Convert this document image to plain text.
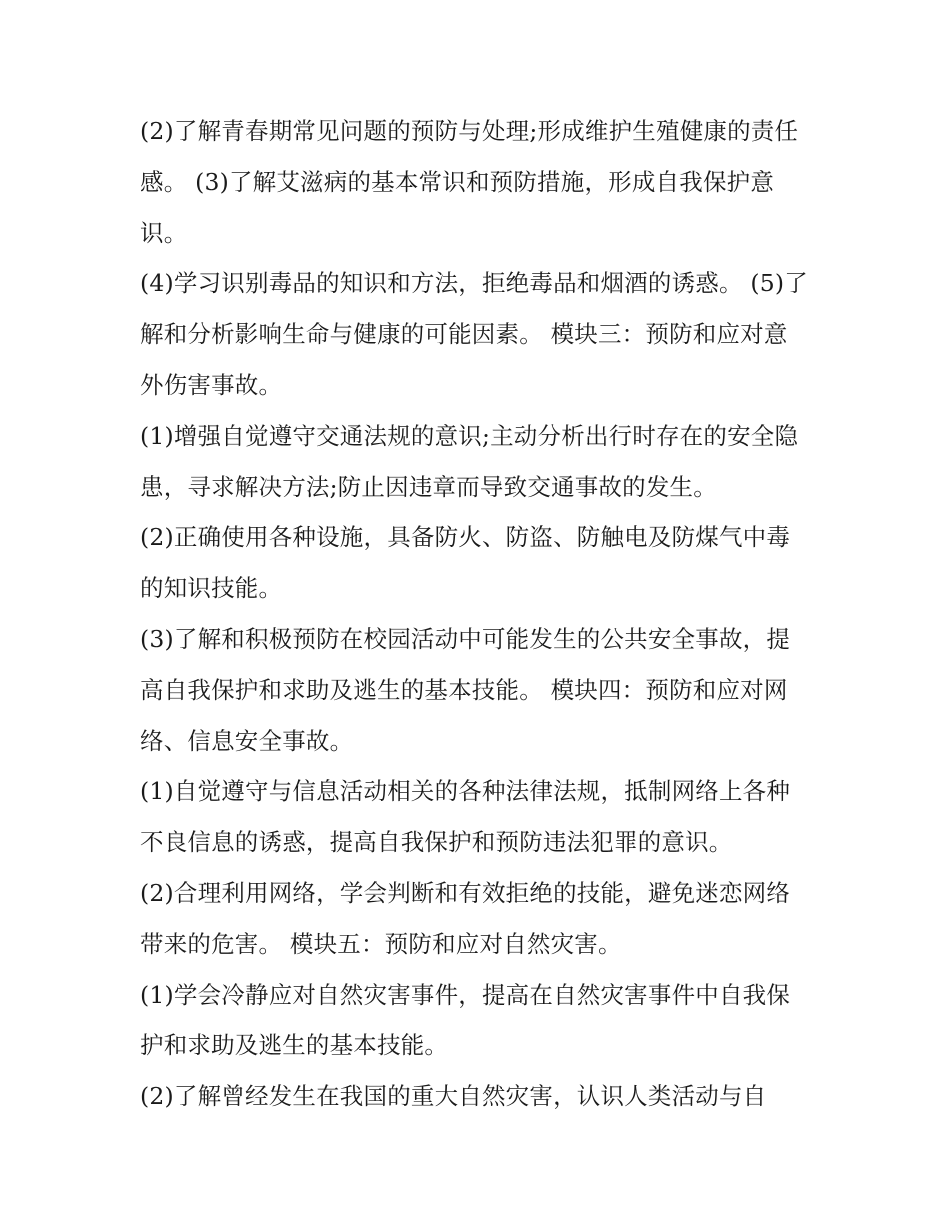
(2)了解青春期常见问题的预防与处理;形成维护生殖健康的责任感。 (3)了解艾滋病的基本常识和预防措施，形成自我保护意识。

(4)学习识别毒品的知识和方法，拒绝毒品和烟酒的诱惑。 (5)了解和分析影响生命与健康的可能因素。 模块三：预防和应对意外伤害事故。

(1)增强自觉遵守交通法规的意识;主动分析出行时存在的安全隐患，寻求解决方法;防止因违章而导致交通事故的发生。

(2)正确使用各种设施，具备防火、防盗、防触电及防煤气中毒的知识技能。

(3)了解和积极预防在校园活动中可能发生的公共安全事故，提高自我保护和求助及逃生的基本技能。 模块四：预防和应对网络、信息安全事故。

(1)自觉遵守与信息活动相关的各种法律法规，抵制网络上各种不良信息的诱惑，提高自我保护和预防违法犯罪的意识。

(2)合理利用网络，学会判断和有效拒绝的技能，避免迷恋网络带来的危害。 模块五：预防和应对自然灾害。

(1)学会冷静应对自然灾害事件，提高在自然灾害事件中自我保护和求助及逃生的基本技能。

(2)了解曾经发生在我国的重大自然灾害，认识人类活动与自
